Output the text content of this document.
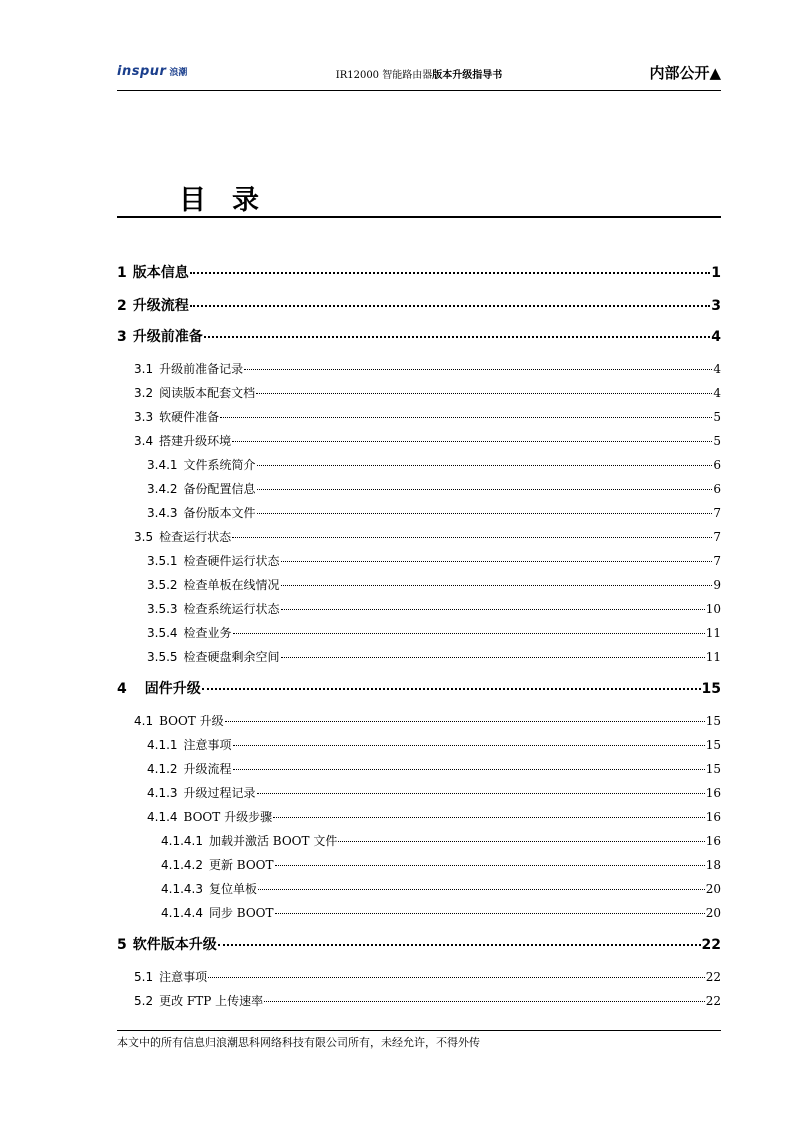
inspur 浪潮	IR12000 智能路由器版本升级指导书	内部公开▲
目录
1 版本信息	1
2 升级流程	3
3 升级前准备	4
3.1 升级前准备记录	4
3.2 阅读版本配套文档	4
3.3 软硬件准备	5
3.4 搭建升级环境	5
3.4.1 文件系统简介	6
3.4.2 备份配置信息	6
3.4.3 备份版本文件	7
3.5 检查运行状态	7
3.5.1 检查硬件运行状态	7
3.5.2 检查单板在线情况	9
3.5.3 检查系统运行状态	10
3.5.4 检查业务	11
3.5.5 检查硬盘剩余空间	11
4	固件升级	15
4.1 BOOT 升级	15
4.1.1 注意事项	15
4.1.2 升级流程	15
4.1.3 升级过程记录	16
4.1.4 BOOT 升级步骤	16
4.1.4.1 加载并激活 BOOT 文件	16
4.1.4.2 更新 BOOT	18
4.1.4.3 复位单板	20
4.1.4.4 同步 BOOT	20
5 软件版本升级	22
5.1 注意事项	22
5.2 更改 FTP 上传速率	22
本文中的所有信息归浪潮思科网络科技有限公司所有，未经允许，不得外传
